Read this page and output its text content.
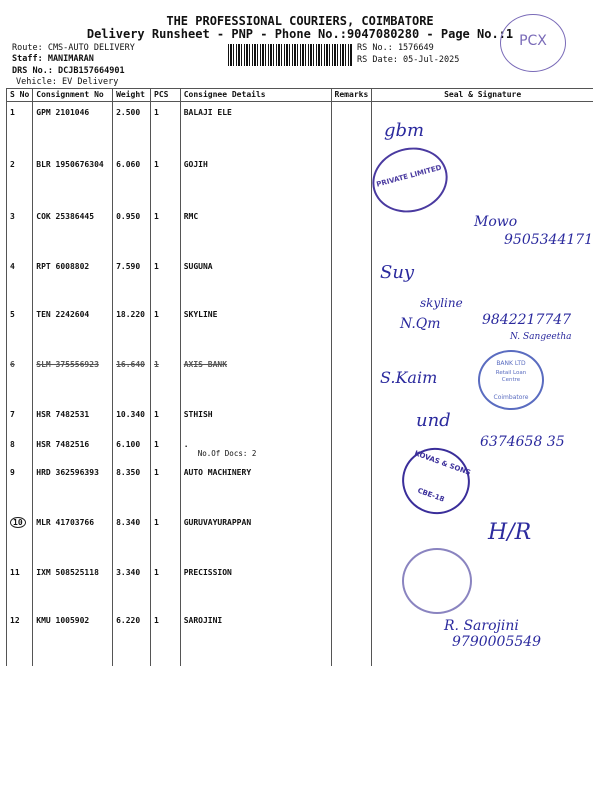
THE PROFESSIONAL COURIERS, COIMBATORE
Delivery Runsheet - PNP - Phone No.:9047080280 - Page No.:1
Route: CMS-AUTO DELIVERY
Staff: MANIMARAN
DRS No.: DCJB157664901
Vehicle: EV Delivery
RS No.: 1576649
RS Date: 05-Jul-2025
PCX
S No	Consignment No	Weight	PCS	Consignee Details	Remarks	Seal & Signature
1	GPM 2101046	2.500	1	BALAJI ELE		
2	BLR 1950676304	6.060	1	GOJIH		
3	COK 25386445	0.950	1	RMC		
4	RPT 6008802	7.590	1	SUGUNA		
5	TEN 2242604	18.220	1	SKYLINE		
6	SLM 375556923	16.640	1	AXIS BANK		
7	HSR 7482531	10.340	1	STHISH		
8	HSR 7482516	6.100	1	.
No.Of Docs: 2		

9	HRD 362596393	8.350	1	AUTO MACHINERY		
10	MLR 41703766	8.340	1	GURUVAYURAPPAN		
11	IXM 508525118	3.340	1	PRECISSION		
12	KMU 1005902	6.220	1	SAROJINI		
PRIVATE LIMITED
BANK LTD
Retail Loan Centre
Coimbatore
KOVAS & SONS
CBE-18
gbm
Mowo
9505344171
Suy
skyline
N.Qm	9842217747
N. Sangeetha
S.Kaim
und
6374658 35
H/R
R. Sarojini
9790005549
